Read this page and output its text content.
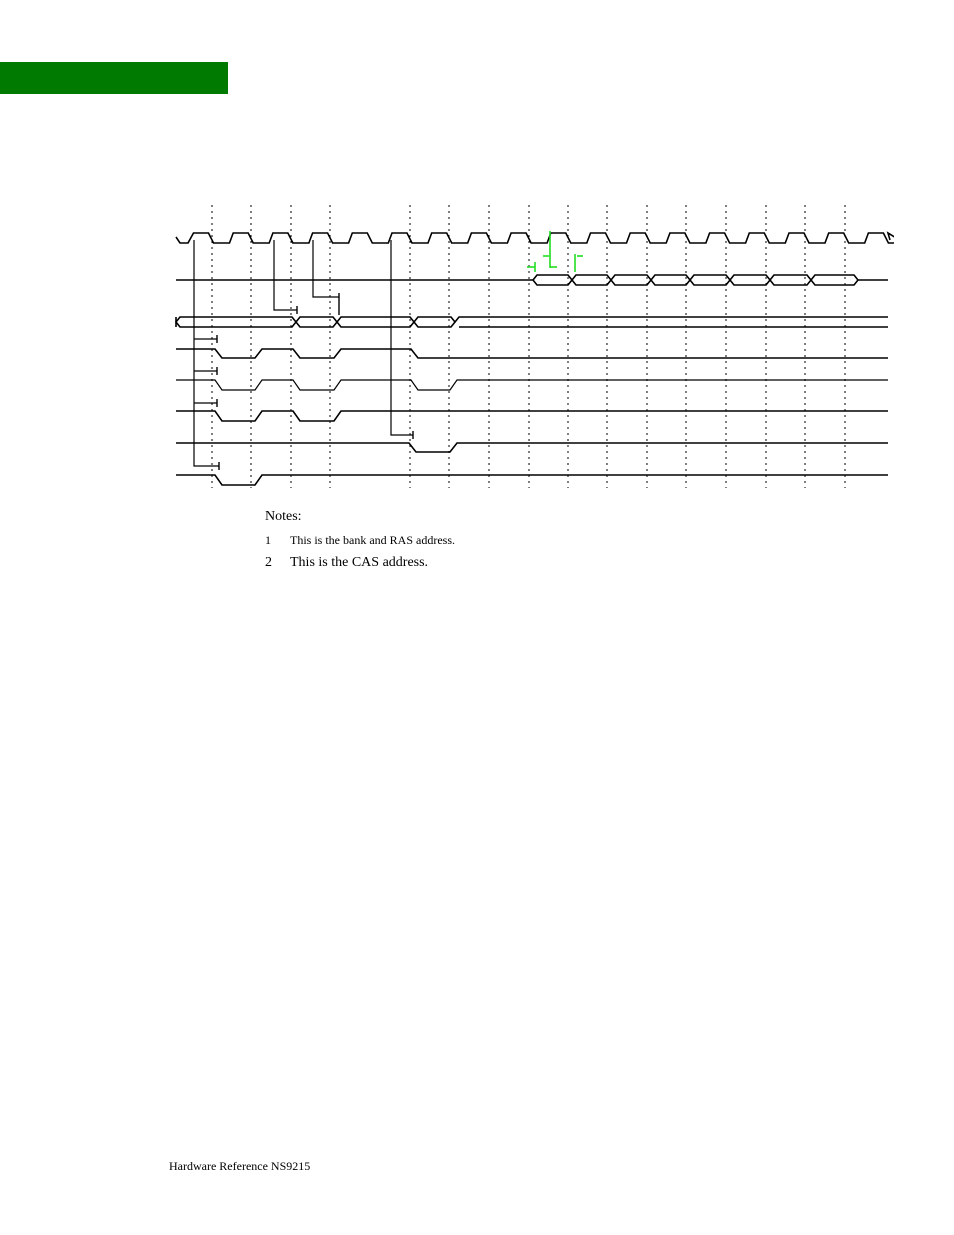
Notes:
1 This is the bank and RAS address.
2 This is the CAS address.
Hardware Reference NS9215
